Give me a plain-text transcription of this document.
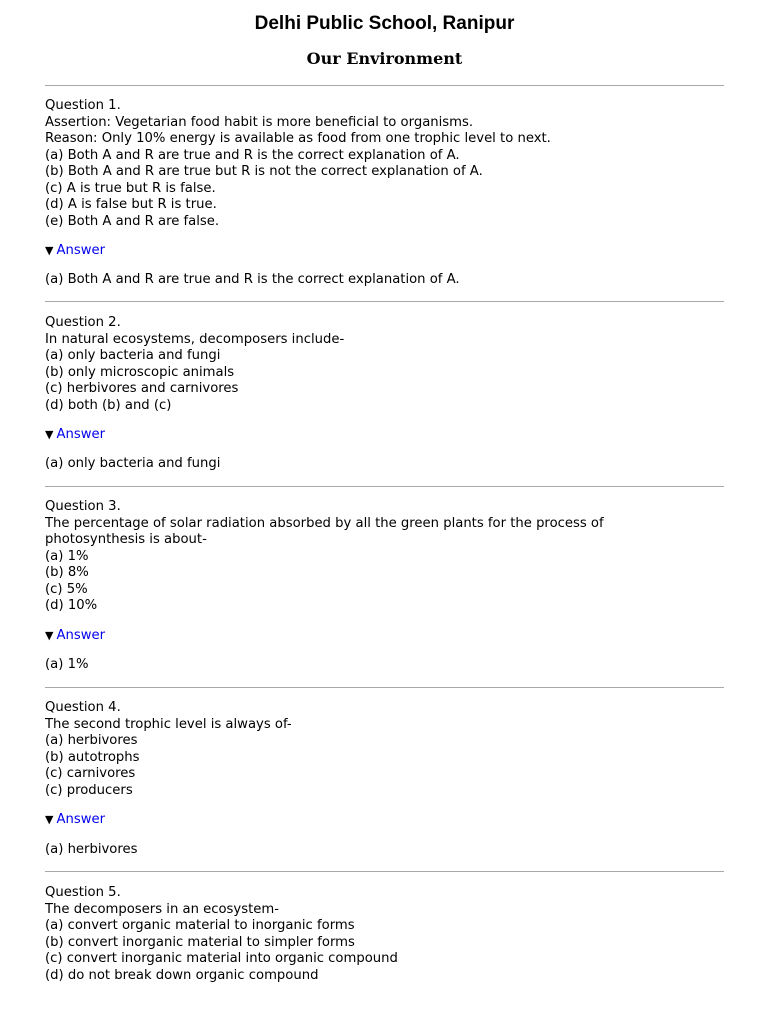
Delhi Public School, Ranipur
Our Environment
Question 1.
Assertion: Vegetarian food habit is more beneficial to organisms.
Reason: Only 10% energy is available as food from one trophic level to next.
(a) Both A and R are true and R is the correct explanation of A.
(b) Both A and R are true but R is not the correct explanation of A.
(c) A is true but R is false.
(d) A is false but R is true.
(e) Both A and R are false.
▼ Answer
(a) Both A and R are true and R is the correct explanation of A.
Question 2.
In natural ecosystems, decomposers include-
(a) only bacteria and fungi
(b) only microscopic animals
(c) herbivores and carnivores
(d) both (b) and (c)
▼ Answer
(a) only bacteria and fungi
Question 3.
The percentage of solar radiation absorbed by all the green plants for the process of
photosynthesis is about-
(a) 1%
(b) 8%
(c) 5%
(d) 10%
▼ Answer
(a) 1%
Question 4.
The second trophic level is always of-
(a) herbivores
(b) autotrophs
(c) carnivores
(c) producers
▼ Answer
(a) herbivores
Question 5.
The decomposers in an ecosystem-
(a) convert organic material to inorganic forms
(b) convert inorganic material to simpler forms
(c) convert inorganic material into organic compound
(d) do not break down organic compound
